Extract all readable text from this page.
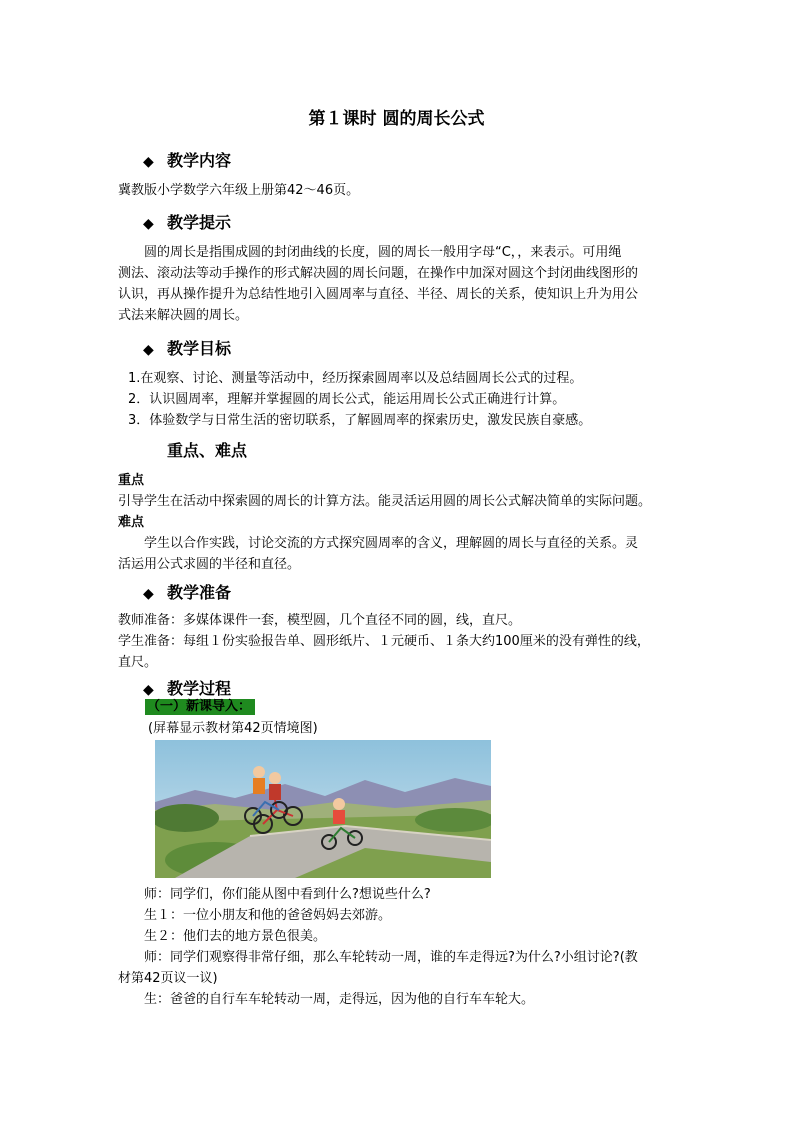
第１课时 圆的周长公式
◆ 教学内容
冀教版小学数学六年级上册第42～46页。
◆ 教学提示
圆的周长是指围成圆的封闭曲线的长度，圆的周长一般用字母“C，，来表示。可用绳
测法、滚动法等动手操作的形式解决圆的周长问题，在操作中加深对圆这个封闭曲线图形的
认识，再从操作提升为总结性地引入圆周率与直径、半径、周长的关系，使知识上升为用公
式法来解决圆的周长。
◆ 教学目标
1.在观察、讨论、测量等活动中，经历探索圆周率以及总结圆周长公式的过程。
2．认识圆周率，理解并掌握圆的周长公式，能运用周长公式正确进行计算。
3．体验数学与日常生活的密切联系，了解圆周率的探索历史，激发民族自豪感。
重点、难点
重点
引导学生在活动中探索圆的周长的计算方法。能灵活运用圆的周长公式解决简单的实际问题。
难点
学生以合作实践，讨论交流的方式探究圆周率的含义，理解圆的周长与直径的关系。灵
活运用公式求圆的半径和直径。
◆ 教学准备
教师准备：多媒体课件一套，模型圆，几个直径不同的圆，线，直尺。
学生准备：每组１份实验报告单、圆形纸片、１元硬币、１条大约100厘米的没有弹性的线，
直尺。
◆ 教学过程
（一）新课导入：
(屏幕显示教材第42页情境图)
师：同学们，你们能从图中看到什么?想说些什么?
生１：一位小朋友和他的爸爸妈妈去郊游。
生２：他们去的地方景色很美。
师：同学们观察得非常仔细，那么车轮转动一周，谁的车走得远?为什么?小组讨论?(教
材第42页议一议)
生：爸爸的自行车车轮转动一周，走得远，因为他的自行车车轮大。
